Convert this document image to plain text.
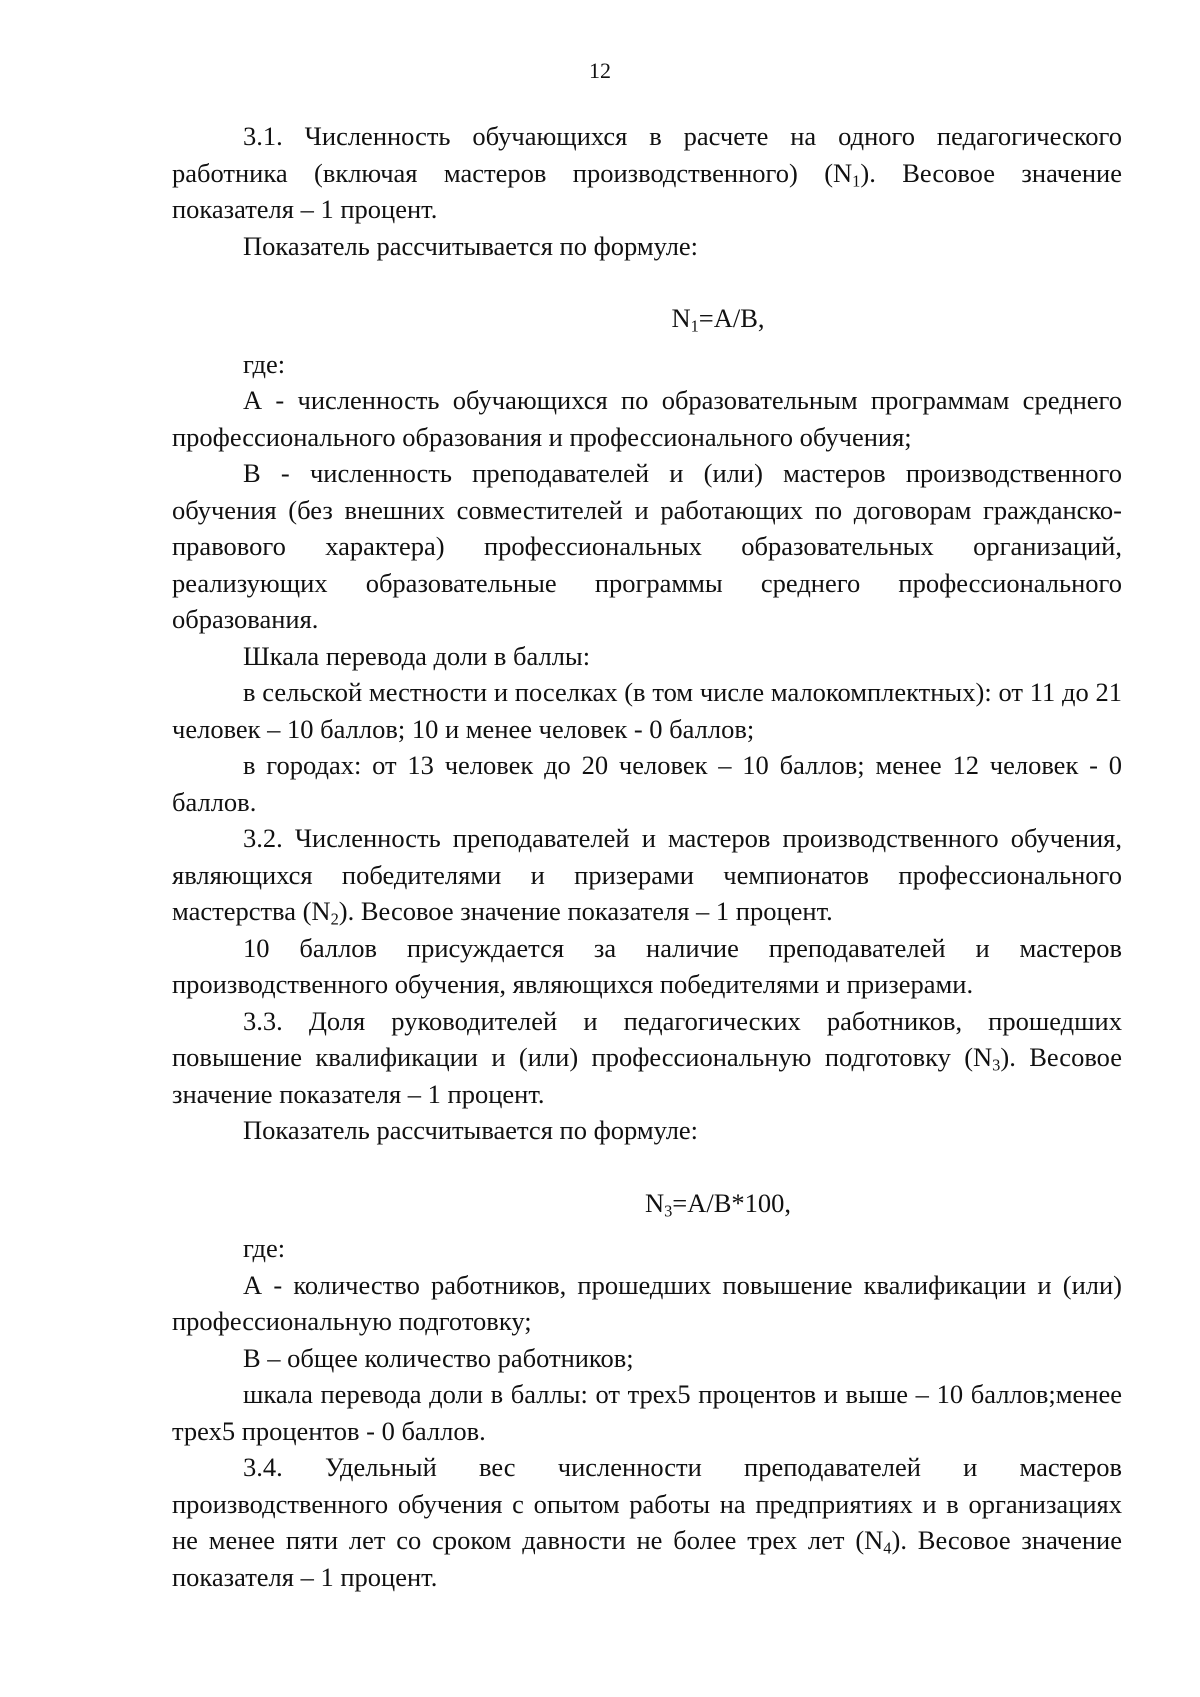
12

3.1. Численность обучающихся в расчете на одного педагогического работника (включая мастеров производственного) $(N_1)$. Весовое значение показателя – 1 процент.

Показатель рассчитывается по формуле:

$N_1=A/B$,

где:

А - численность обучающихся по образовательным программам среднего профессионального образования и профессионального обучения;

В - численность преподавателей и (или) мастеров производственного обучения (без внешних совместителей и работающих по договорам гражданско-правового характера) профессиональных образовательных организаций, реализующих образовательные программы среднего профессионального образования.

Шкала перевода доли в баллы:

в сельской местности и поселках (в том числе малокомплектных): от 11 до 21 человек – 10 баллов; 10 и менее человек - 0 баллов;

в городах: от 13 человек до 20 человек – 10 баллов; менее 12 человек - 0 баллов.

3.2. Численность преподавателей и мастеров производственного обучения, являющихся победителями и призерами чемпионатов профессионального мастерства $(N_2)$. Весовое значение показателя – 1 процент.

10 баллов присуждается за наличие преподавателей и мастеров производственного обучения, являющихся победителями и призерами.

3.3. Доля руководителей и педагогических работников, прошедших повышение квалификации и (или) профессиональную подготовку $(N_3)$. Весовое значение показателя – 1 процент.

Показатель рассчитывается по формуле:

$N_3=A/B*100$,

где:

А - количество работников, прошедших повышение квалификации и (или) профессиональную подготовку;

В – общее количество работников;

шкала перевода доли в баллы: от трех5 процентов и выше – 10 баллов;менее трех5 процентов - 0 баллов.

3.4. Удельный вес численности преподавателей и мастеров производственного обучения с опытом работы на предприятиях и в организациях не менее пяти лет со сроком давности не более трех лет $(N_4)$. Весовое значение показателя – 1 процент.
